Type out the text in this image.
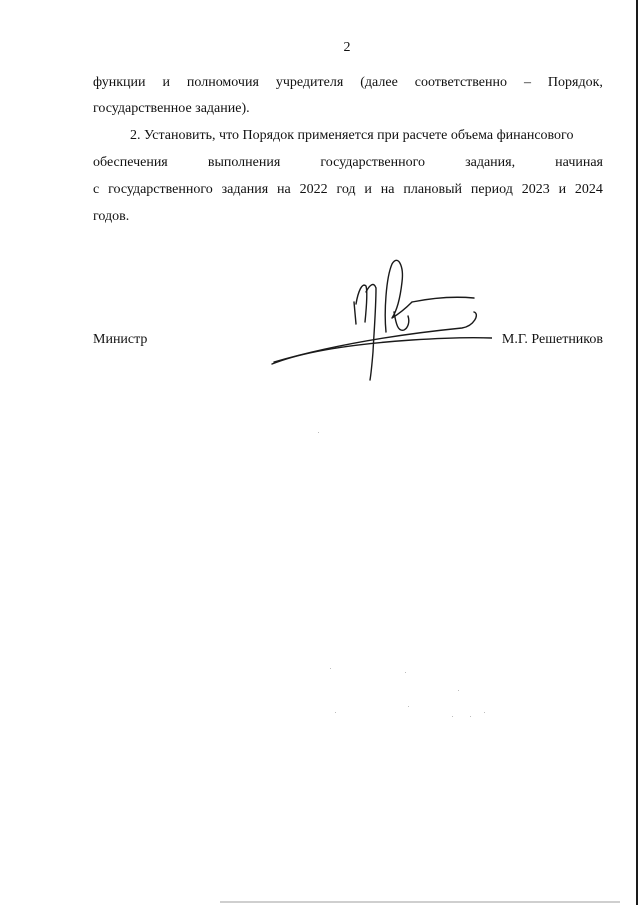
2
функции и полномочия учредителя (далее соответственно – Порядок,
государственное задание).
2. Установить, что Порядок применяется при расчете объема финансового
обеспечения	выполнения	государственного	задания,	начиная
с государственного задания на 2022 год и на плановый период 2023 и 2024
годов.
Министр	М.Г. Решетников
